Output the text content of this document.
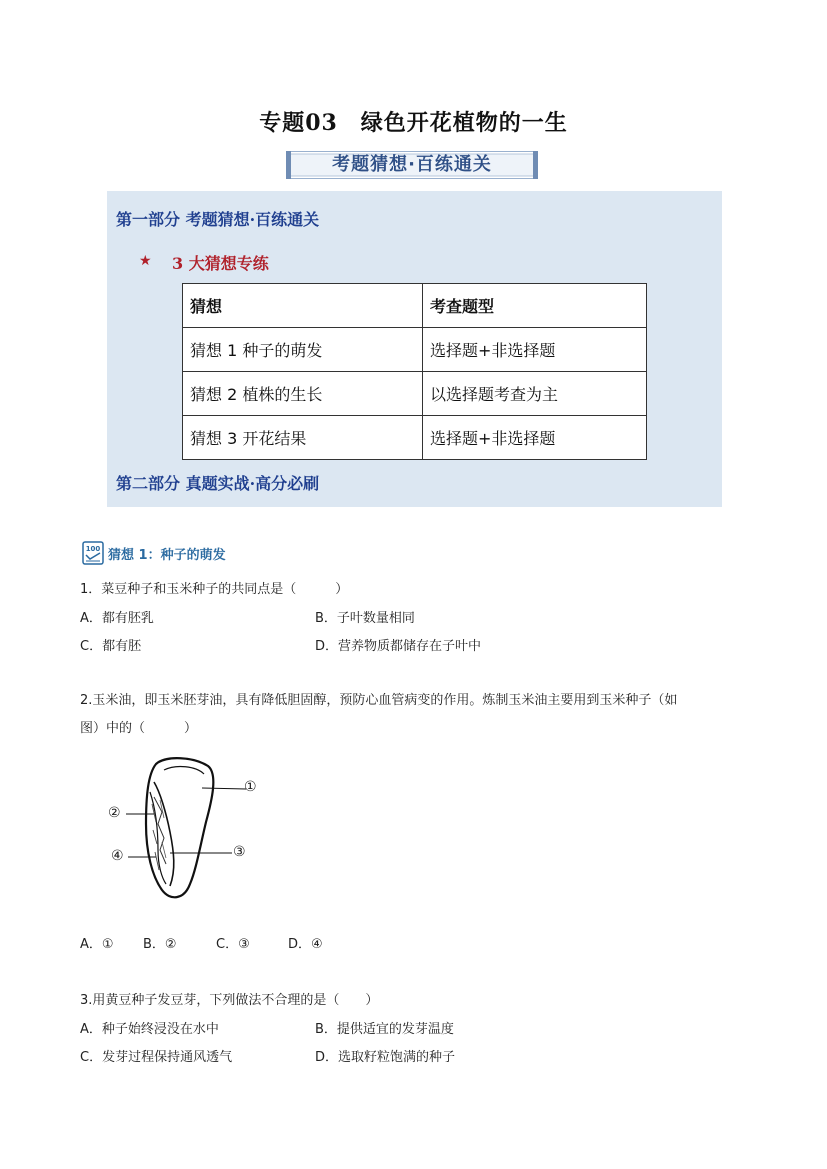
专题03　绿色开花植物的一生
考题猜想·百练通关
第一部分 考题猜想·百练通关
★ 3 大猜想专练
猜想	考查题型
猜想 1 种子的萌发	选择题+非选择题
猜想 2 植株的生长	以选择题考查为主
猜想 3 开花结果	选择题+非选择题
第二部分 真题实战·高分必刷
100 猜想 1：种子的萌发
1．菜豆种子和玉米种子的共同点是（　　　）
A．都有胚乳	B．子叶数量相同
C．都有胚	D．营养物质都储存在子叶中
2.玉米油，即玉米胚芽油，具有降低胆固醇，预防心血管病变的作用。炼制玉米油主要用到玉米种子（如
图）中的（　　　）
①
②
③
④
A．① B．②	C．③	D．④
3.用黄豆种子发豆芽，下列做法不合理的是（　　）
A．种子始终浸没在水中	B．提供适宜的发芽温度
C．发芽过程保持通风透气	D．选取籽粒饱满的种子
